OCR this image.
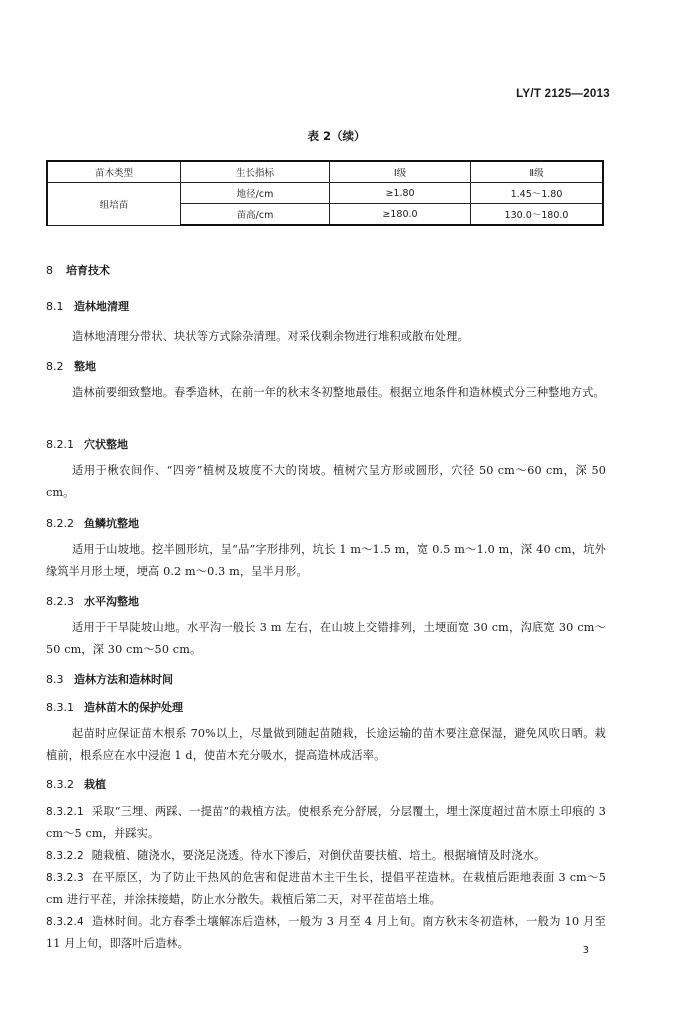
LY/T 2125—2013
表 2（续）
苗木类型	生长指标	Ⅰ级	Ⅱ级
组培苗	地径/cm	≥1.80	1.45～1.80
	苗高/cm	≥180.0	130.0～180.0
8 培育技术
8.1 造林地清理
造林地清理分带状、块状等方式除杂清理。对采伐剩余物进行堆积或散布处理。
8.2 整地
造林前要细致整地。春季造林，在前一年的秋末冬初整地最佳。根据立地条件和造林模式分三种整地方式。
8.2.1 穴状整地
适用于楸农间作、“四旁”植树及坡度不大的岗坡。植树穴呈方形或圆形，穴径 50 cm～60 cm，深 50 cm。
8.2.2 鱼鳞坑整地
适用于山坡地。挖半圆形坑，呈“品”字形排列，坑长 1 m～1.5 m，宽 0.5 m～1.0 m，深 40 cm，坑外缘筑半月形土埂，埂高 0.2 m～0.3 m，呈半月形。
8.2.3 水平沟整地
适用于干旱陡坡山地。水平沟一般长 3 m 左右，在山坡上交错排列，土埂面宽 30 cm，沟底宽 30 cm～50 cm，深 30 cm～50 cm。
8.3 造林方法和造林时间
8.3.1 造林苗木的保护处理
起苗时应保证苗木根系 70%以上，尽量做到随起苗随栽，长途运输的苗木要注意保湿，避免风吹日晒。栽植前，根系应在水中浸泡 1 d，使苗木充分吸水，提高造林成活率。
8.3.2 栽植
8.3.2.1 采取“三埋、两踩、一提苗”的栽植方法。使根系充分舒展，分层覆土，埋土深度超过苗木原土印痕的 3 cm～5 cm，并踩实。
8.3.2.2 随栽植、随浇水，要浇足浇透。待水下渗后，对倒伏苗要扶植、培土。根据墒情及时浇水。
8.3.2.3 在平原区，为了防止干热风的危害和促进苗木主干生长，提倡平茬造林。在栽植后距地表面 3 cm～5 cm 进行平茬，并涂抹接蜡，防止水分散失。栽植后第二天，对平茬苗培土堆。
8.3.2.4 造林时间。北方春季土壤解冻后造林，一般为 3 月至 4 月上旬。南方秋末冬初造林，一般为 10 月至 11 月上旬，即落叶后造林。
3
